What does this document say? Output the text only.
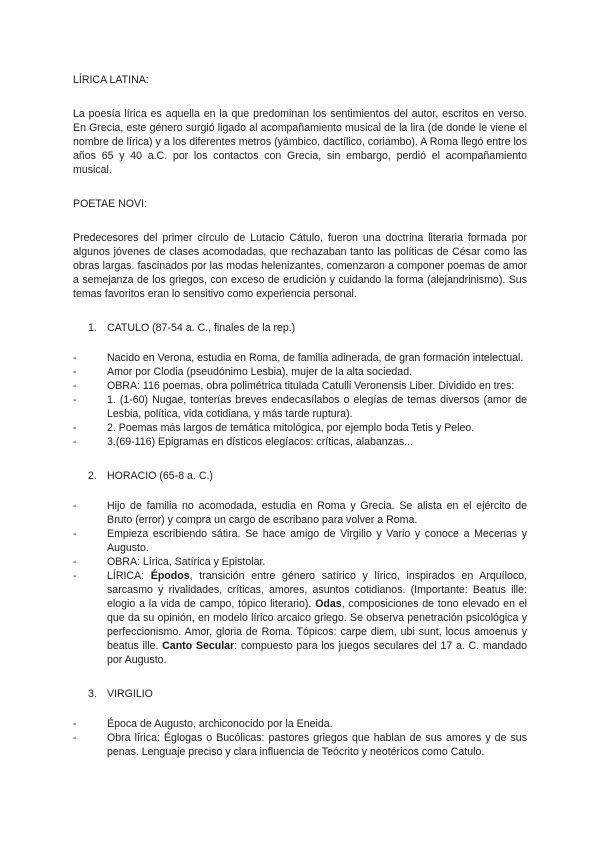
LÍRICA LATINA:

La poesía lírica es aquella en la que predominan los sentimientos del autor, escritos en verso. En Grecia, este género surgió ligado al acompañamiento musical de la lira (de donde le viene el nombre de lírica) y a los diferentes metros (yámbico, dactílico, coriambo). A Roma llegó entre los años 65 y 40 a.C. por los contactos con Grecia, sin embargo, perdió el acompañamiento musical.

POETAE NOVI:

Predecesores del primer círculo de Lutacio Cátulo, fueron una doctrina literaria formada por algunos jóvenes de clases acomodadas, que rechazaban tanto las políticas de César como las obras largas. fascinados por las modas helenizantes, comenzaron a componer poemas de amor a semejanza de los griegos, con exceso de erudición y cuidando la forma (alejandrinismo). Sus temas favoritos eran lo sensitivo como experiencia personal.

1. CATULO (87-54 a. C., finales de la rep.)
-	Nacido en Verona, estudia en Roma, de familia adinerada, de gran formación intelectual.
-	Amor por Clodia (pseudónimo Lesbia), mujer de la alta sociedad.
-	OBRA: 116 poemas, obra polimétrica titulada Catulli Veronensis Liber. Dividido en tres:
-	1. (1-60) Nugae, tonterías breves endecasílabos o elegías de temas diversos (amor de Lesbia, política, vida cotidiana, y más tarde ruptura).
-	2. Poemas más largos de temática mitológica, por ejemplo boda Tetis y Peleo.
-	3.(69-116) Epigramas en dísticos elegíacos: críticas, alabanzas...
2. HORACIO (65-8 a. C.)
-	Hijo de familia no acomodada, estudia en Roma y Grecia. Se alista en el ejército de Bruto (error) y compra un cargo de escribano para volver a Roma.
-	Empieza escribiendo sátira. Se hace amigo de Virgilio y Vario y conoce a Mecenas y Augusto.
-	OBRA: Lírica, Satírica y Epistolar.
-	LÍRICA: Épodos, transición entre género satírico y lírico, inspirados en Arquíloco, sarcasmo y rivalidades, críticas, amores, asuntos cotidianos. (Importante: Beatus ille: elogio a la vida de campo, tópico literario). Odas, composiciones de tono elevado en el que da su opinión, en modelo lírico arcaico griego. Se observa penetración psicológica y perfeccionismo. Amor, gloria de Roma. Tópicos: carpe diem, ubi sunt, locus amoenus y beatus ille. Canto Secular: compuesto para los juegos seculares del 17 a. C. mandado por Augusto.
3. VIRGILIO
-	Época de Augusto, archiconocido por la Eneida.
-	Obra lírica: Églogas o Bucólicas: pastores griegos que hablan de sus amores y de sus penas. Lenguaje preciso y clara influencia de Teócrito y neotéricos como Catulo.
